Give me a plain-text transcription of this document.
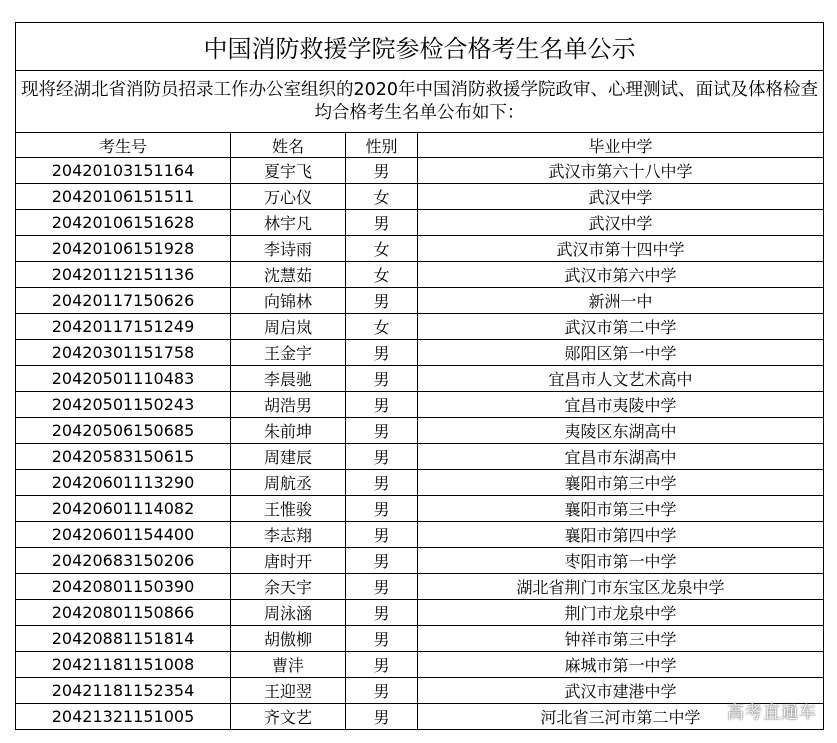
中国消防救援学院参检合格考生名单公示			
现将经湖北省消防员招录工作办公室组织的2020年中国消防救援学院政审、心理测试、面试及体格检查均合格考生名单公布如下：			
考生号	姓名	性别	毕业中学
20420103151164	夏宇飞	男	武汉市第六十八中学
20420106151511	万心仪	女	武汉中学
20420106151628	林宇凡	男	武汉中学
20420106151928	李诗雨	女	武汉市第十四中学
20420112151136	沈慧茹	女	武汉市第六中学
20420117150626	向锦林	男	新洲一中
20420117151249	周启岚	女	武汉市第二中学
20420301151758	王金宇	男	郧阳区第一中学
20420501110483	李晨驰	男	宜昌市人文艺术高中
20420501150243	胡浩男	男	宜昌市夷陵中学
20420506150685	朱前坤	男	夷陵区东湖高中
20420583150615	周建辰	男	宜昌市东湖高中
20420601113290	周航丞	男	襄阳市第三中学
20420601114082	王惟骏	男	襄阳市第三中学
20420601154400	李志翔	男	襄阳市第四中学
20420683150206	唐时开	男	枣阳市第一中学
20420801150390	余天宇	男	湖北省荆门市东宝区龙泉中学
20420801150866	周泳涵	男	荆门市龙泉中学
20420881151814	胡傲柳	男	钟祥市第三中学
20421181151008	曹沣	男	麻城市第一中学
20421181152354	王迎翌	男	武汉市建港中学
20421321151005	齐文艺	男	河北省三河市第二中学 高考直通车
